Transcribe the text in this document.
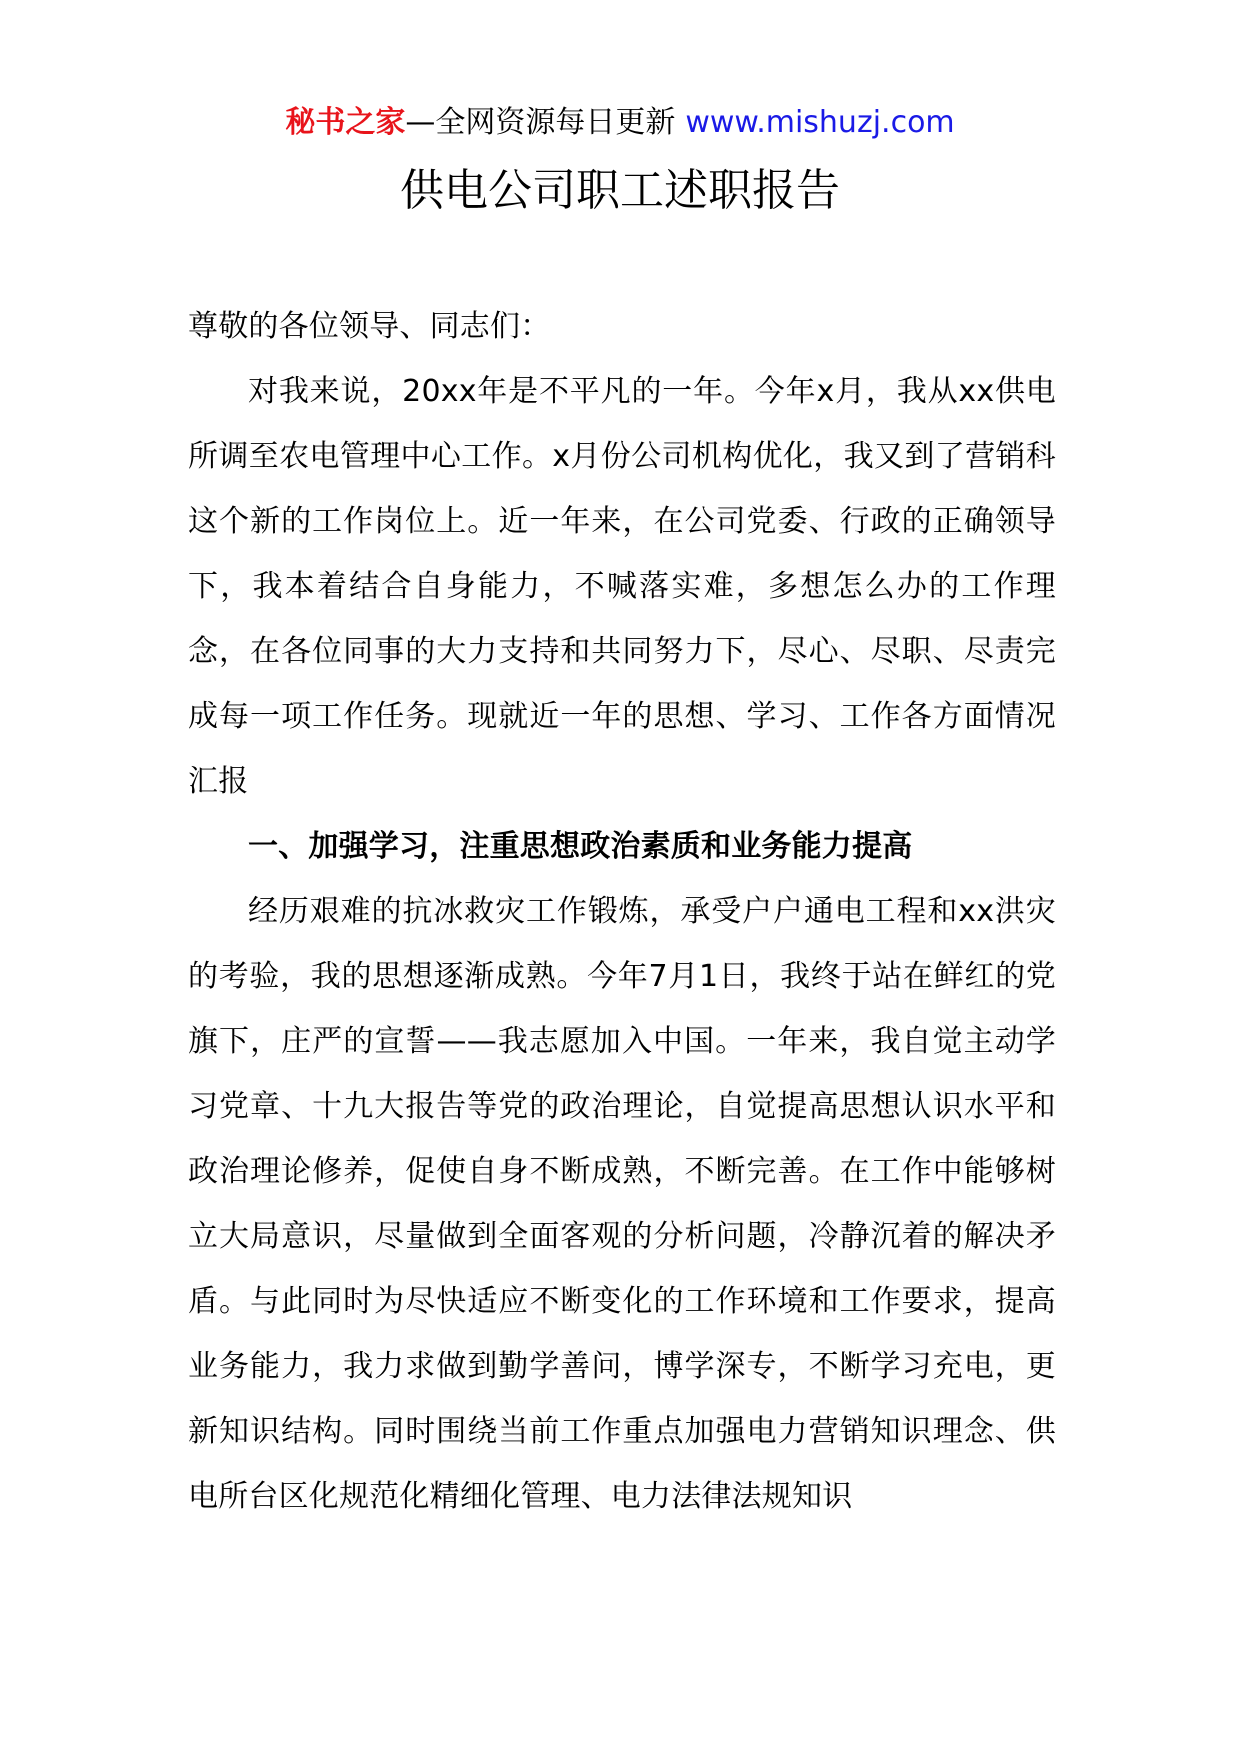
秘书之家—全网资源每日更新 www.mishuzj.com
供电公司职工述职报告

尊敬的各位领导、同志们：

对我来说，20xx年是不平凡的一年。今年x月，我从xx供电所调至农电管理中心工作。x月份公司机构优化，我又到了营销科这个新的工作岗位上。近一年来，在公司党委、行政的正确领导下，我本着结合自身能力，不喊落实难，多想怎么办的工作理念，在各位同事的大力支持和共同努力下，尽心、尽职、尽责完成每一项工作任务。现就近一年的思想、学习、工作各方面情况汇报

一、加强学习，注重思想政治素质和业务能力提高

经历艰难的抗冰救灾工作锻炼，承受户户通电工程和xx洪灾的考验，我的思想逐渐成熟。今年7月1日，我终于站在鲜红的党旗下，庄严的宣誓——我志愿加入中国。一年来，我自觉主动学习党章、十九大报告等党的政治理论，自觉提高思想认识水平和政治理论修养，促使自身不断成熟，不断完善。在工作中能够树立大局意识，尽量做到全面客观的分析问题，冷静沉着的解决矛盾。与此同时为尽快适应不断变化的工作环境和工作要求，提高业务能力，我力求做到勤学善问，博学深专，不断学习充电，更新知识结构。同时围绕当前工作重点加强电力营销知识理念、供电所台区化规范化精细化管理、电力法律法规知识
